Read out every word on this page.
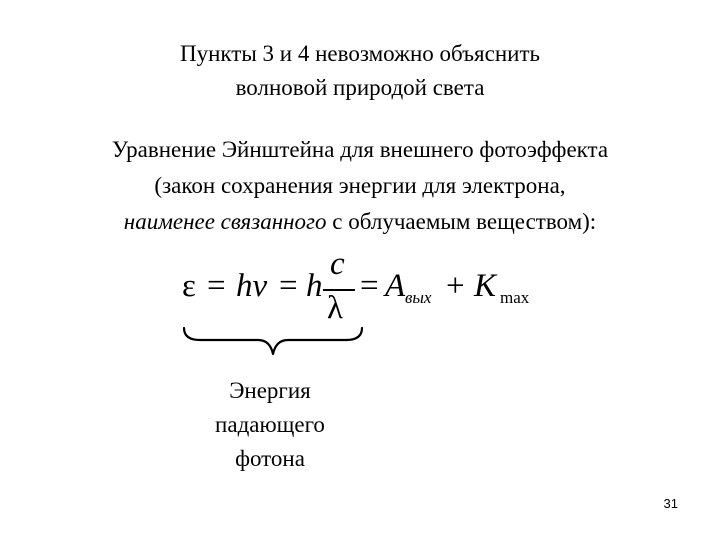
Пункты 3 и 4 невозможно объяснить
волновой природой света
Уравнение Эйнштейна для внешнего фотоэффекта
(закон сохранения энергии для электрона,
наименее связанного с облучаемым веществом):
ε = hν = h
c
λ
= A вых + K max
Энергия
падающего
фотона
31
